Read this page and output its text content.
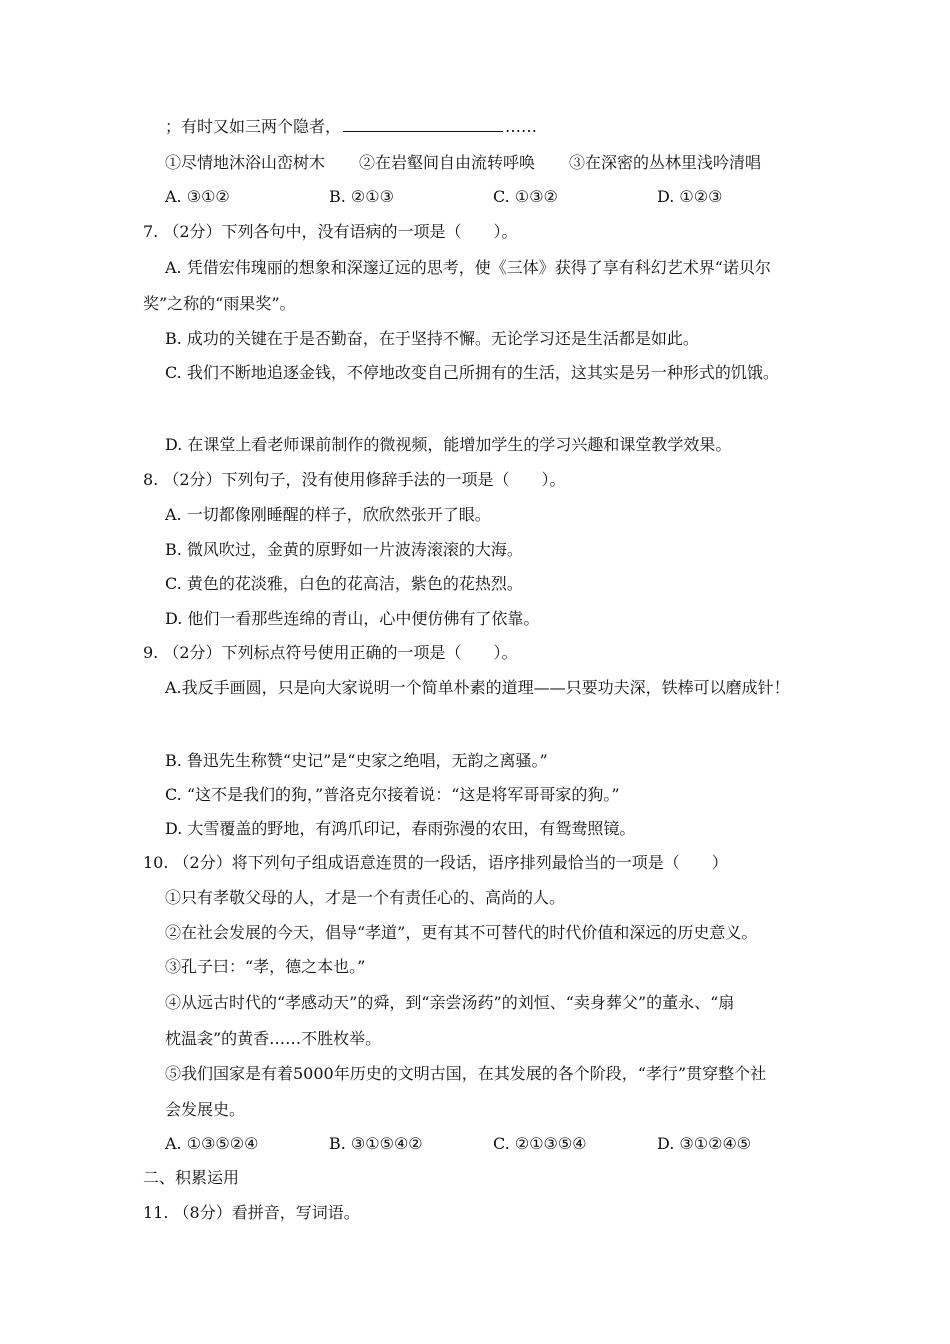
；有时又如三两个隐者，	……
①尽情地沐浴山峦树木 ②在岩壑间自由流转呼唤 ③在深密的丛林里浅吟清唱
A. ③①②	B. ②①③	C. ①③②	D. ①②③
7. （2分）下列各句中，没有语病的一项是（　　）。
A. 凭借宏伟瑰丽的想象和深邃辽远的思考，使《三体》获得了享有科幻艺术界“诺贝尔
奖”之称的“雨果奖”。
B. 成功的关键在于是否勤奋，在于坚持不懈。无论学习还是生活都是如此。
C. 我们不断地追逐金钱，不停地改变自己所拥有的生活，这其实是另一种形式的饥饿。
D. 在课堂上看老师课前制作的微视频，能增加学生的学习兴趣和课堂教学效果。
8. （2分）下列句子，没有使用修辞手法的一项是（　　）。
A. 一切都像刚睡醒的样子，欣欣然张开了眼。
B. 微风吹过，金黄的原野如一片波涛滚滚的大海。
C. 黄色的花淡雅，白色的花高洁，紫色的花热烈。
D. 他们一看那些连绵的青山，心中便仿佛有了依靠。
9. （2分）下列标点符号使用正确的一项是（　　）。
A.我反手画圆，只是向大家说明一个简单朴素的道理——只要功夫深，铁棒可以磨成针！
B. 鲁迅先生称赞“史记”是“史家之绝唱，无韵之离骚。”
C. “这不是我们的狗，”普洛克尔接着说：“这是将军哥哥家的狗。”
D. 大雪覆盖的野地，有鸿爪印记，春雨弥漫的农田，有鸳鸯照镜。
10. （2分）将下列句子组成语意连贯的一段话，语序排列最恰当的一项是（　　）
①只有孝敬父母的人，才是一个有责任心的、高尚的人。
②在社会发展的今天，倡导“孝道”，更有其不可替代的时代价值和深远的历史意义。
③孔子曰：“孝，德之本也。”
④从远古时代的“孝感动天”的舜，到“亲尝汤药”的刘恒、“卖身葬父”的董永、“扇
枕温衾”的黄香……不胜枚举。
⑤我们国家是有着5000年历史的文明古国，在其发展的各个阶段，“孝行”贯穿整个社
会发展史。
A. ①③⑤②④	B. ③①⑤④②	C. ②①③⑤④	D. ③①②④⑤
二、积累运用
11. （8分）看拼音，写词语。
